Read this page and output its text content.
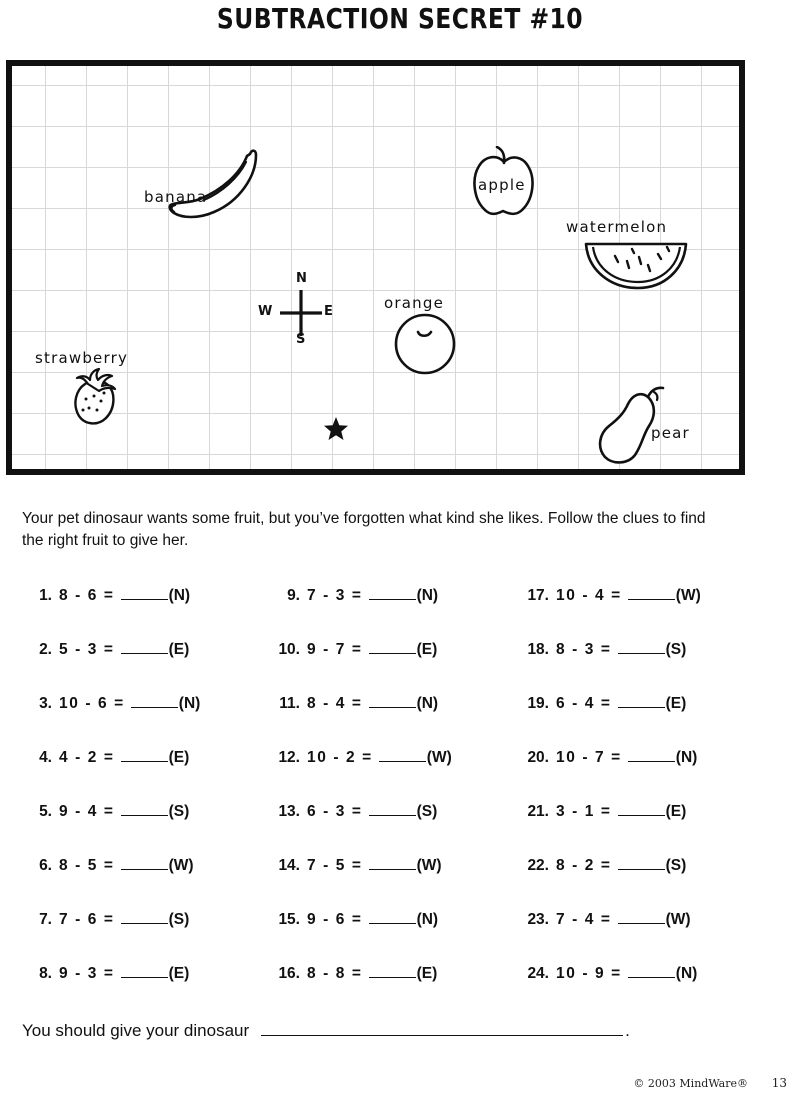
SUBTRACTION SECRET #10
banana
apple
watermelon
orange
strawberry
pear
N
S
E
W
Your pet dinosaur wants some fruit, but you’ve forgotten what kind she likes. Follow the clues to find the right fruit to give her.
1. 8 - 6 =	(N)	9. 7 - 3 =	(N)	17. 10 - 4 =	(W)
2. 5 - 3 =	(E)	10. 9 - 7 =	(E)	18. 8 - 3 =	(S)
3. 10 - 6 =	(N)	11. 8 - 4 =	(N)	19. 6 - 4 =	(E)
4. 4 - 2 =	(E)	12. 10 - 2 =	(W)	20. 10 - 7 =	(N)
5. 9 - 4 =	(S)	13. 6 - 3 =	(S)	21. 3 - 1 =	(E)
6. 8 - 5 =	(W)	14. 7 - 5 =	(W)	22. 8 - 2 =	(S)
7. 7 - 6 =	(S)	15. 9 - 6 =	(N)	23. 7 - 4 =	(W)
8. 9 - 3 =	(E)	16. 8 - 8 =	(E)	24. 10 - 9 =	(N)
You should give your dinosaur	.
© 2003 MindWare® 13
